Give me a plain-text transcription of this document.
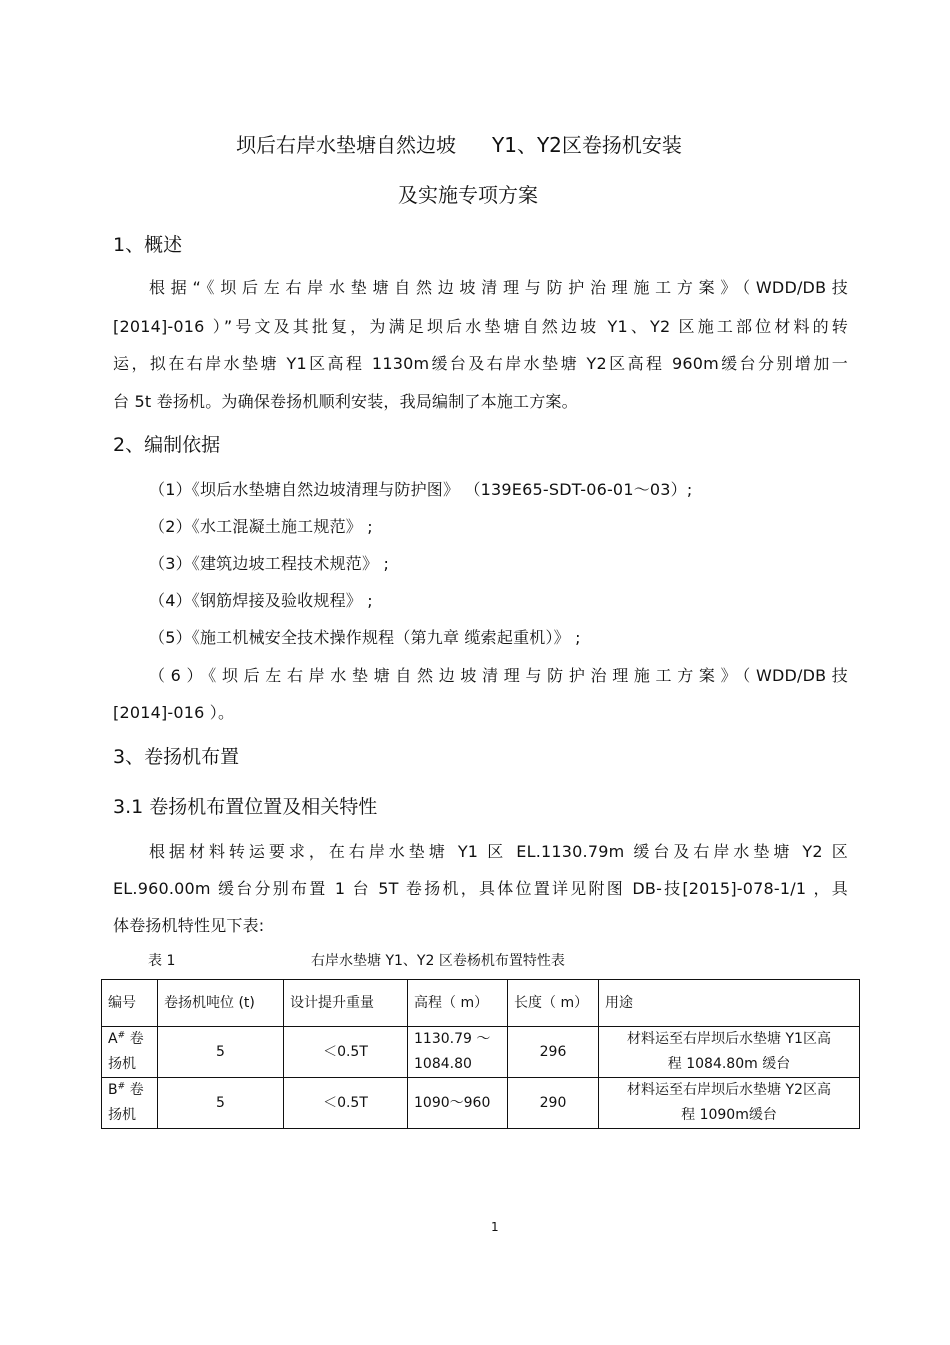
坝后右岸水垫塘自然边坡 Y1、Y2区卷扬机安装
及实施专项方案
1、概述
根据“《坝后左右岸水垫塘自然边坡清理与防护治理施工方案》（WDD/DB技
[2014]-016 ）”号文及其批复，为满足坝后水垫塘自然边坡 Y1、Y2 区施工部位材料的转
运，拟在右岸水垫塘 Y1区高程 1130m缓台及右岸水垫塘 Y2区高程 960m缓台分别增加一
台 5t 卷扬机。为确保卷扬机顺利安装，我局编制了本施工方案。
2、编制依据
（1）《坝后水垫塘自然边坡清理与防护图》 （139E65-SDT-06-01～03）;
（2）《水工混凝土施工规范》 ;
（3）《建筑边坡工程技术规范》 ;
（4）《钢筋焊接及验收规程》 ;
（5）《施工机械安全技术操作规程（第九章 缆索起重机）》 ;
（6）《坝后左右岸水垫塘自然边坡清理与防护治理施工方案》（WDD/DB技
[2014]-016 ）。
3、卷扬机布置
3.1 卷扬机布置位置及相关特性
根据材料转运要求，在右岸水垫塘 Y1 区 EL.1130.79m 缓台及右岸水垫塘 Y2 区
EL.960.00m 缓台分别布置 1 台 5T 卷扬机，具体位置详见附图 DB-技[2015]-078-1/1 ，具
体卷扬机特性见下表:
表 1	右岸水垫塘 Y1、Y2 区卷杨机布置特性表
编号	卷扬机吨位 (t)	设计提升重量	高程（ m）	长度（ m）	用途
A# 卷
扬机	5	＜0.5T	1130.79 ～
1084.80	296	材料运至右岸坝后水垫塘 Y1区高
程 1084.80m 缓台
B# 卷
扬机	5	＜0.5T	1090～960	290	材料运至右岸坝后水垫塘 Y2区高
程 1090m缓台
1
